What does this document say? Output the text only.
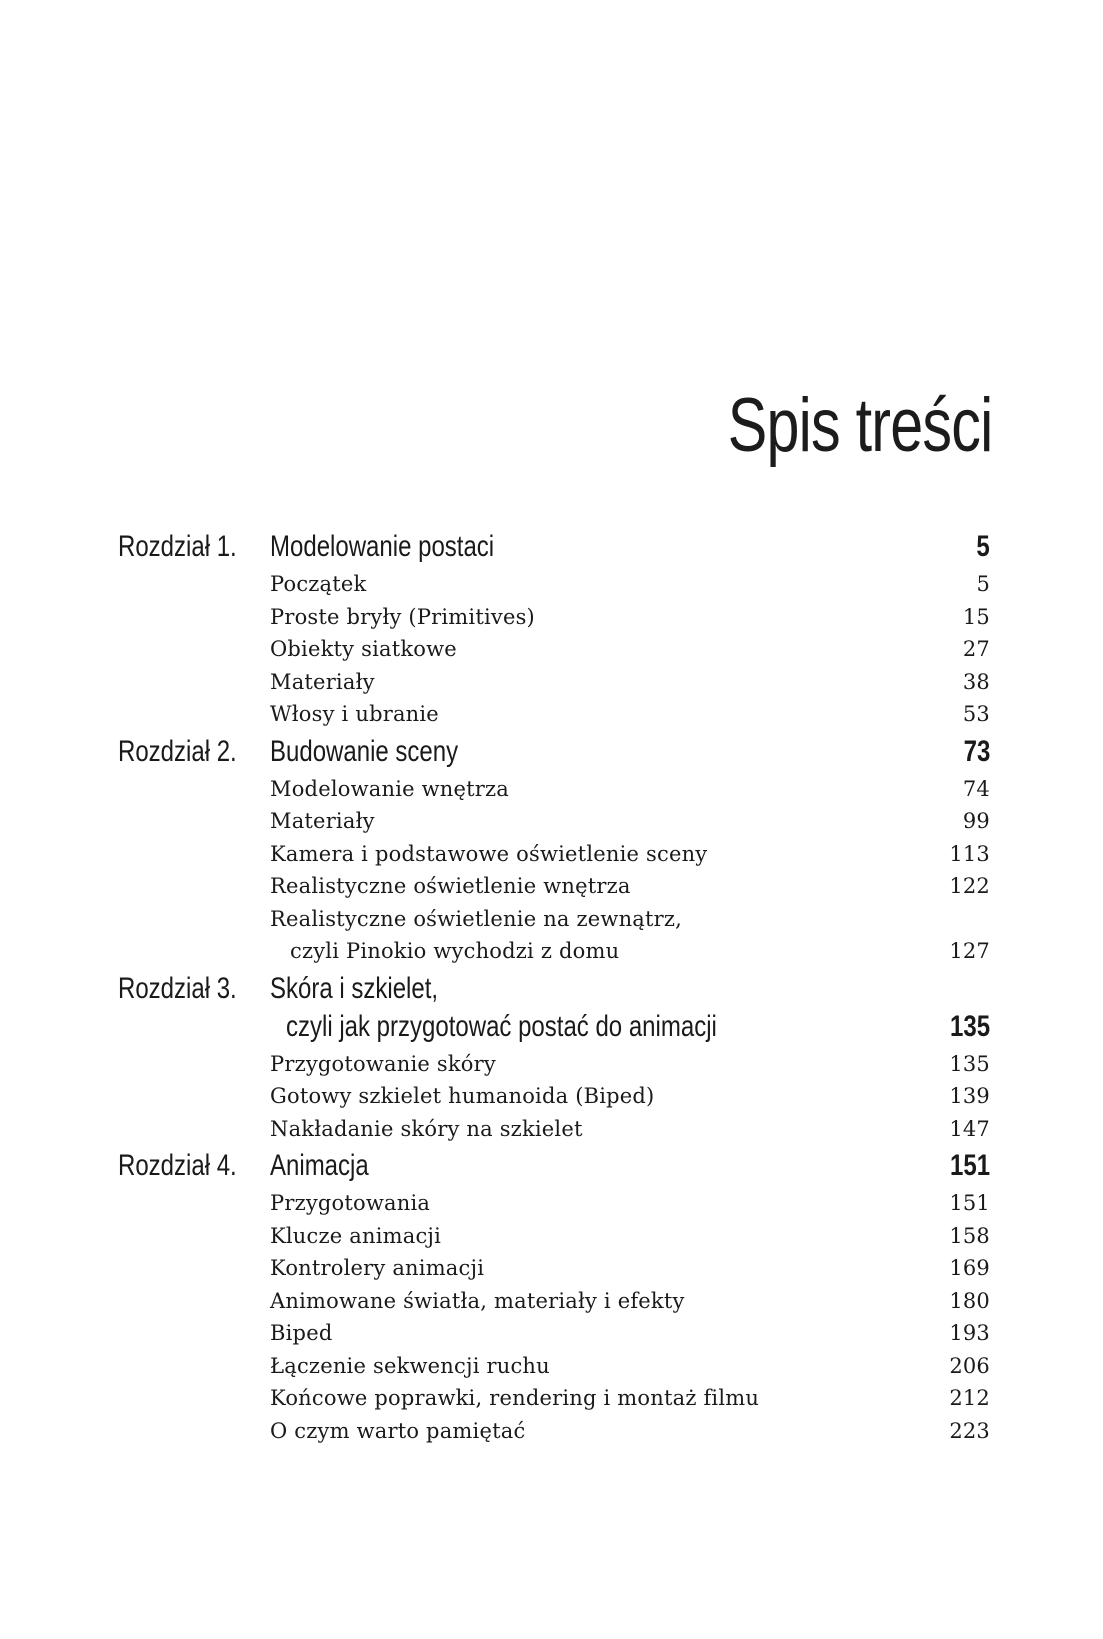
Spis treści
Rozdział 1.	Modelowanie postaci	5
Początek	5
Proste bryły (Primitives)	15
Obiekty siatkowe	27
Materiały	38
Włosy i ubranie	53
Rozdział 2.	Budowanie sceny	73
Modelowanie wnętrza	74
Materiały	99
Kamera i podstawowe oświetlenie sceny	113
Realistyczne oświetlenie wnętrza	122
Realistyczne oświetlenie na zewnątrz,
czyli Pinokio wychodzi z domu	127
Rozdział 3.	Skóra i szkielet,
czyli jak przygotować postać do animacji	135
Przygotowanie skóry	135
Gotowy szkielet humanoida (Biped)	139
Nakładanie skóry na szkielet	147
Rozdział 4.	Animacja	151
Przygotowania	151
Klucze animacji	158
Kontrolery animacji	169
Animowane światła, materiały i efekty	180
Biped	193
Łączenie sekwencji ruchu	206
Końcowe poprawki, rendering i montaż filmu	212
O czym warto pamiętać	223
